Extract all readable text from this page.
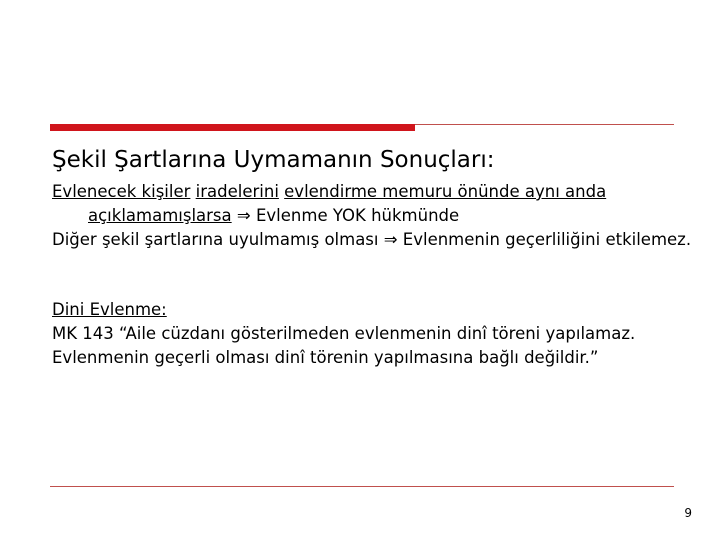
Şekil Şartlarına Uymamanın Sonuçları:

Evlenecek kişiler iradelerini evlendirme memuru önünde aynı anda açıklamamışlarsa ⇒ Evlenme YOK hükmünde

Diğer şekil şartlarına uyulmamış olması ⇒ Evlenmenin geçerliliğini etkilemez.

Dini Evlenme:

MK 143 “Aile cüzdanı gösterilmeden evlenmenin dinî töreni yapılamaz.

Evlenmenin geçerli olması dinî törenin yapılmasına bağlı değildir.”

9
